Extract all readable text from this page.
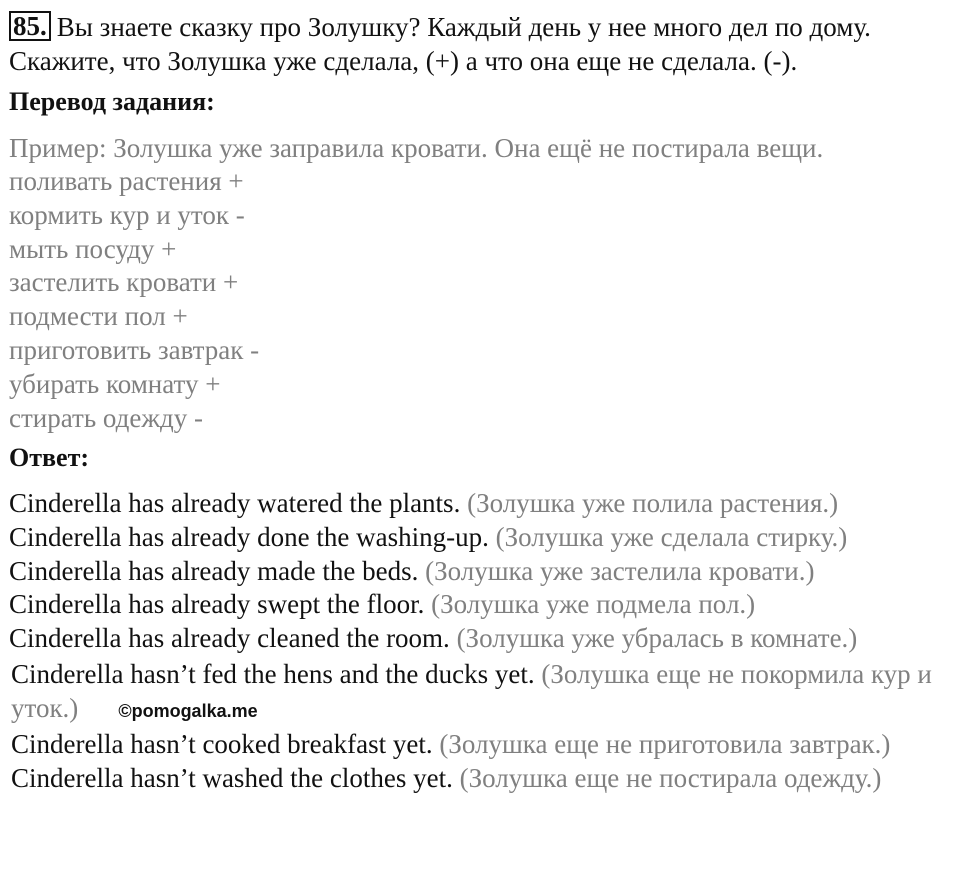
85. Вы знаете сказку про Золушку? Каждый день у нее много дел по дому. Скажите, что Золушка уже сделала, (+) а что она еще не сделала. (-).

Перевод задания:
Пример: Золушка уже заправила кровати. Она ещё не постирала вещи.
поливать растения +
кормить кур и уток -
мыть посуду +
застелить кровати +
подмести пол +
приготовить завтрак -
убирать комнату +
стирать одежду -
Ответ:
Cinderella has already watered the plants. (Золушка уже полила растения.)
Cinderella has already done the washing-up. (Золушка уже сделала стирку.)
Cinderella has already made the beds. (Золушка уже застелила кровати.)
Cinderella has already swept the floor. (Золушка уже подмела пол.)
Cinderella has already cleaned the room. (Золушка уже убралась в комнате.)
Cinderella hasn’t fed the hens and the ducks yet. (Золушка еще не покормила кур и уток.) ©pomogalka.me
Cinderella hasn’t cooked breakfast yet. (Золушка еще не приготовила завтрак.)
Cinderella hasn’t washed the clothes yet. (Золушка еще не постирала одежду.)
